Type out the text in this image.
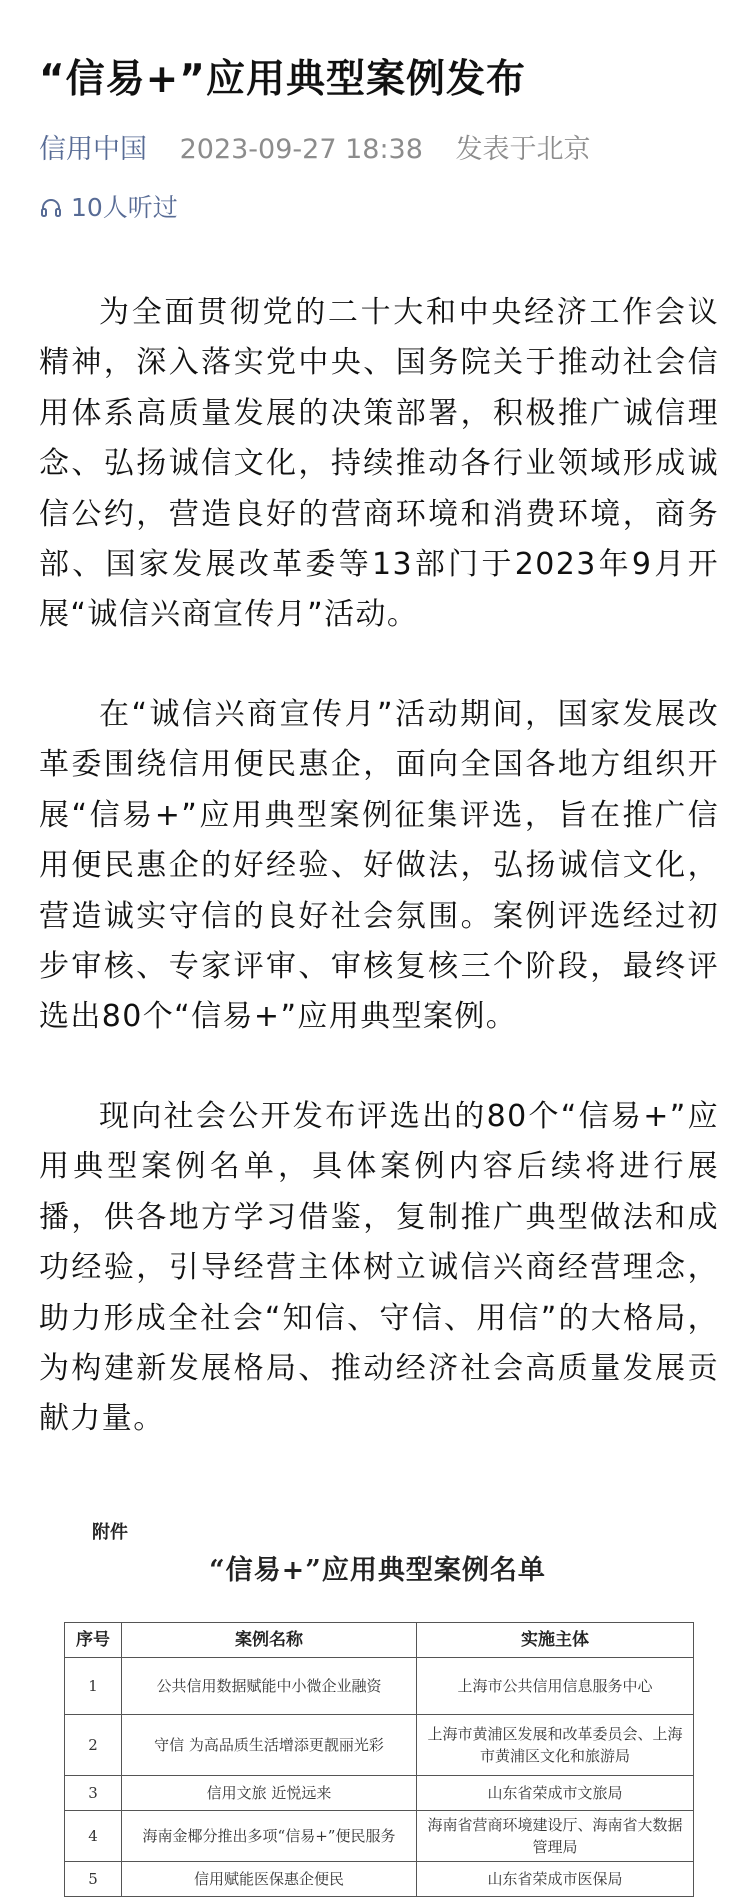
“信易+”应用典型案例发布
信用中国 2023-09-27 18:38 发表于北京
10人听过

为全面贯彻党的二十大和中央经济工作会议精神，深入落实党中央、国务院关于推动社会信用体系高质量发展的决策部署，积极推广诚信理念、弘扬诚信文化，持续推动各行业领域形成诚信公约，营造良好的营商环境和消费环境，商务部、国家发展改革委等13部门于2023年9月开展“诚信兴商宣传月”活动。

在“诚信兴商宣传月”活动期间，国家发展改革委围绕信用便民惠企，面向全国各地方组织开展“信易+”应用典型案例征集评选，旨在推广信用便民惠企的好经验、好做法，弘扬诚信文化，营造诚实守信的良好社会氛围。案例评选经过初步审核、专家评审、审核复核三个阶段，最终评选出80个“信易+”应用典型案例。

现向社会公开发布评选出的80个“信易+”应用典型案例名单，具体案例内容后续将进行展播，供各地方学习借鉴，复制推广典型做法和成功经验，引导经营主体树立诚信兴商经营理念，助力形成全社会“知信、守信、用信”的大格局，为构建新发展格局、推动经济社会高质量发展贡献力量。

附件
“信易+”应用典型案例名单
序号	案例名称	实施主体
1	公共信用数据赋能中小微企业融资	上海市公共信用信息服务中心
2	守信 为高品质生活增添更靓丽光彩	上海市黄浦区发展和改革委员会、上海市黄浦区文化和旅游局
3	信用文旅 近悦远来	山东省荣成市文旅局
4	海南金椰分推出多项“信易+”便民服务	海南省营商环境建设厅、海南省大数据管理局
5	信用赋能医保惠企便民	山东省荣成市医保局
